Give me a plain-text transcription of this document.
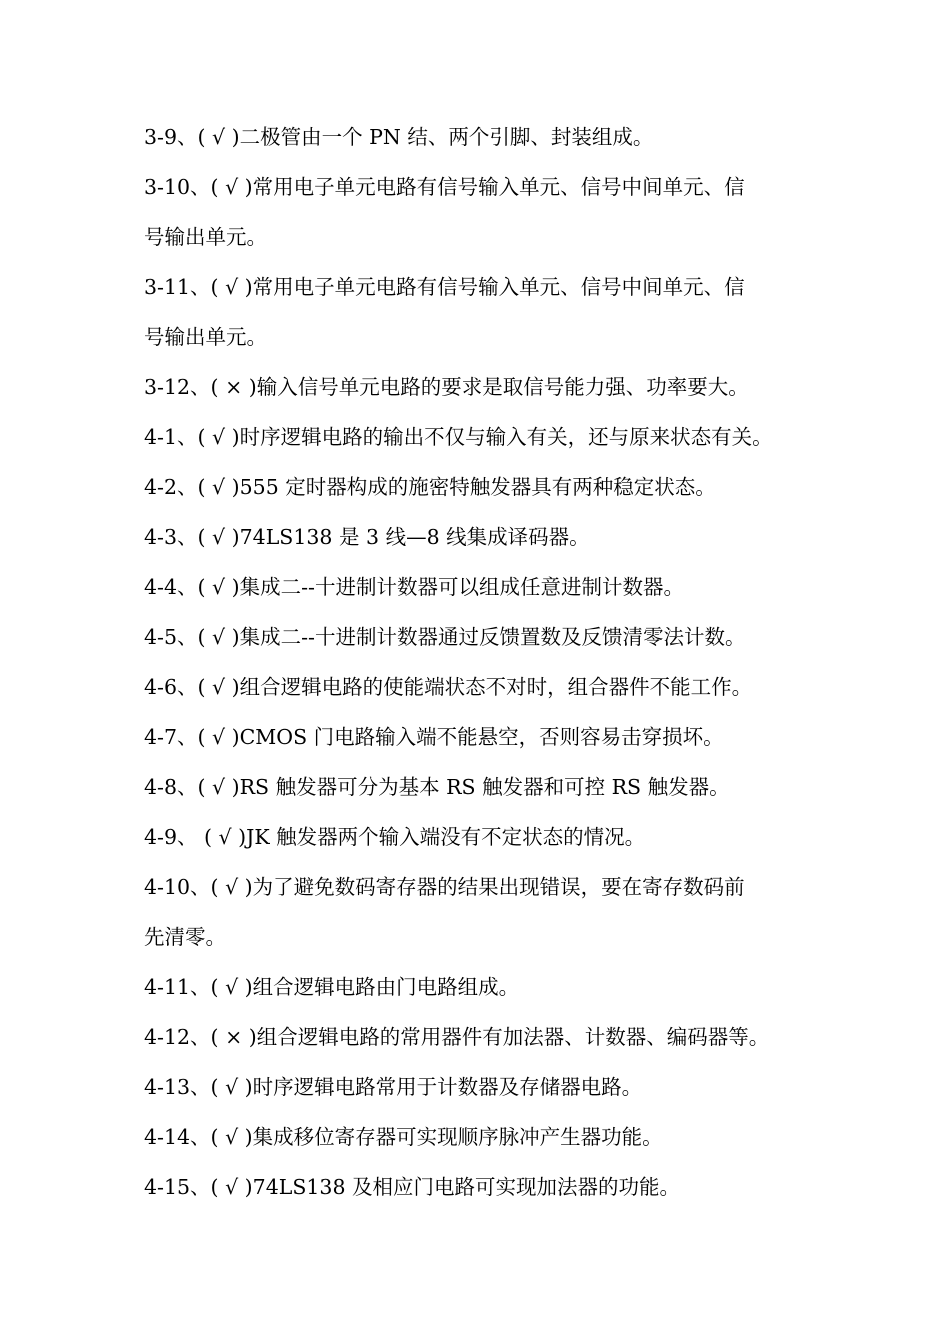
3-9、( √ )二极管由一个 PN 结、两个引脚、封装组成。
3-10、( √ )常用电子单元电路有信号输入单元、信号中间单元、信
号输出单元。
3-11、( √ )常用电子单元电路有信号输入单元、信号中间单元、信
号输出单元。
3-12、( × )输入信号单元电路的要求是取信号能力强、功率要大。
4-1、( √ )时序逻辑电路的输出不仅与输入有关，还与原来状态有关。
4-2、( √ )555 定时器构成的施密特触发器具有两种稳定状态。
4-3、( √ )74LS138 是 3 线—8 线集成译码器。
4-4、( √ )集成二--十进制计数器可以组成任意进制计数器。
4-5、( √ )集成二--十进制计数器通过反馈置数及反馈清零法计数。
4-6、( √ )组合逻辑电路的使能端状态不对时，组合器件不能工作。
4-7、( √ )CMOS 门电路输入端不能悬空，否则容易击穿损坏。
4-8、( √ )RS 触发器可分为基本 RS 触发器和可控 RS 触发器。
4-9、 ( √ )JK 触发器两个输入端没有不定状态的情况。
4-10、( √ )为了避免数码寄存器的结果出现错误，要在寄存数码前
先清零。
4-11、( √ )组合逻辑电路由门电路组成。
4-12、( × )组合逻辑电路的常用器件有加法器、计数器、编码器等。
4-13、( √ )时序逻辑电路常用于计数器及存储器电路。
4-14、( √ )集成移位寄存器可实现顺序脉冲产生器功能。
4-15、( √ )74LS138 及相应门电路可实现加法器的功能。
